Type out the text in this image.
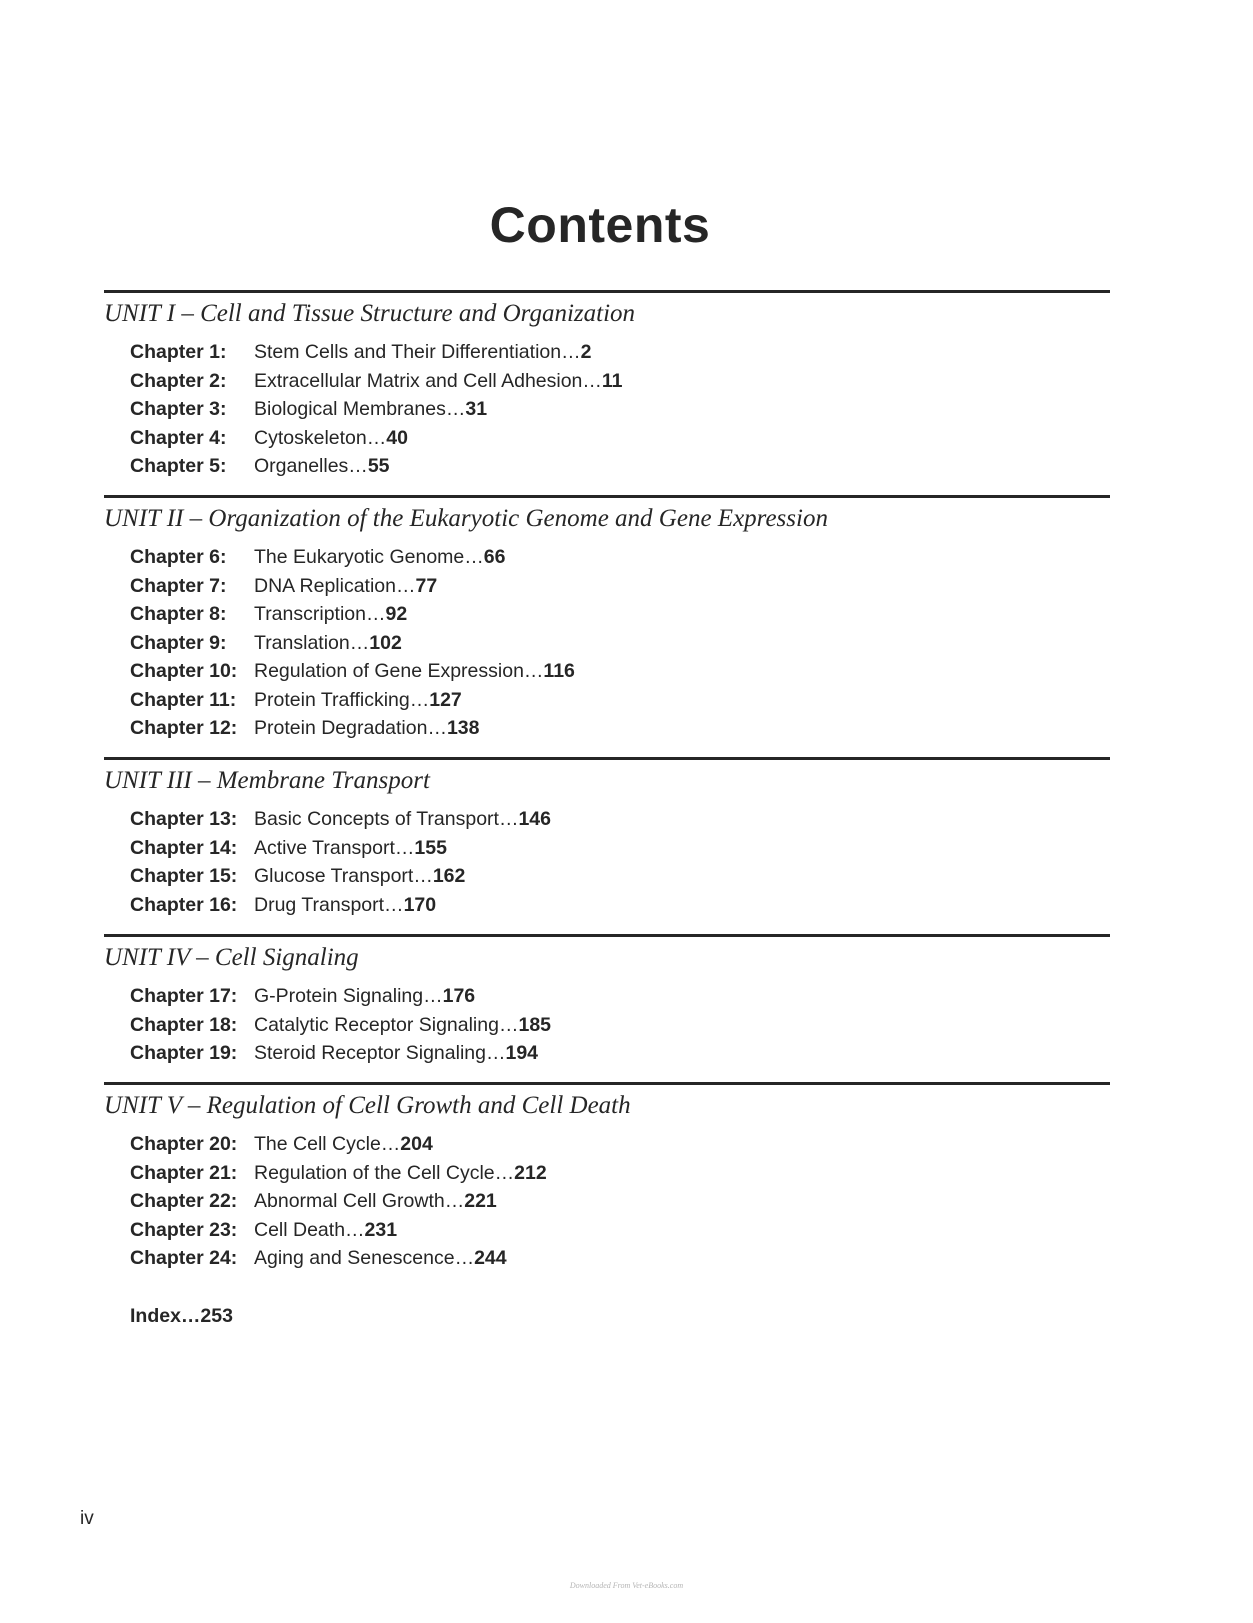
Contents
UNIT I – Cell and Tissue Structure and Organization
Chapter 1:	Stem Cells and Their Differentiation… 2
Chapter 2:	Extracellular Matrix and Cell Adhesion… 11
Chapter 3:	Biological Membranes… 31
Chapter 4:	Cytoskeleton… 40
Chapter 5:	Organelles… 55
UNIT II – Organization of the Eukaryotic Genome and Gene Expression
Chapter 6:	The Eukaryotic Genome… 66
Chapter 7:	DNA Replication… 77
Chapter 8:	Transcription… 92
Chapter 9:	Translation… 102
Chapter 10: Regulation of Gene Expression… 116
Chapter 11: Protein Trafficking… 127
Chapter 12: Protein Degradation… 138
UNIT III – Membrane Transport
Chapter 13: Basic Concepts of Transport… 146
Chapter 14: Active Transport… 155
Chapter 15: Glucose Transport… 162
Chapter 16: Drug Transport… 170
UNIT IV – Cell Signaling
Chapter 17: G-Protein Signaling… 176
Chapter 18: Catalytic Receptor Signaling… 185
Chapter 19: Steroid Receptor Signaling… 194
UNIT V – Regulation of Cell Growth and Cell Death
Chapter 20: The Cell Cycle… 204
Chapter 21: Regulation of the Cell Cycle… 212
Chapter 22: Abnormal Cell Growth… 221
Chapter 23: Cell Death… 231
Chapter 24: Aging and Senescence… 244
Index…253
iv
Downloaded From Vet-eBooks.com
